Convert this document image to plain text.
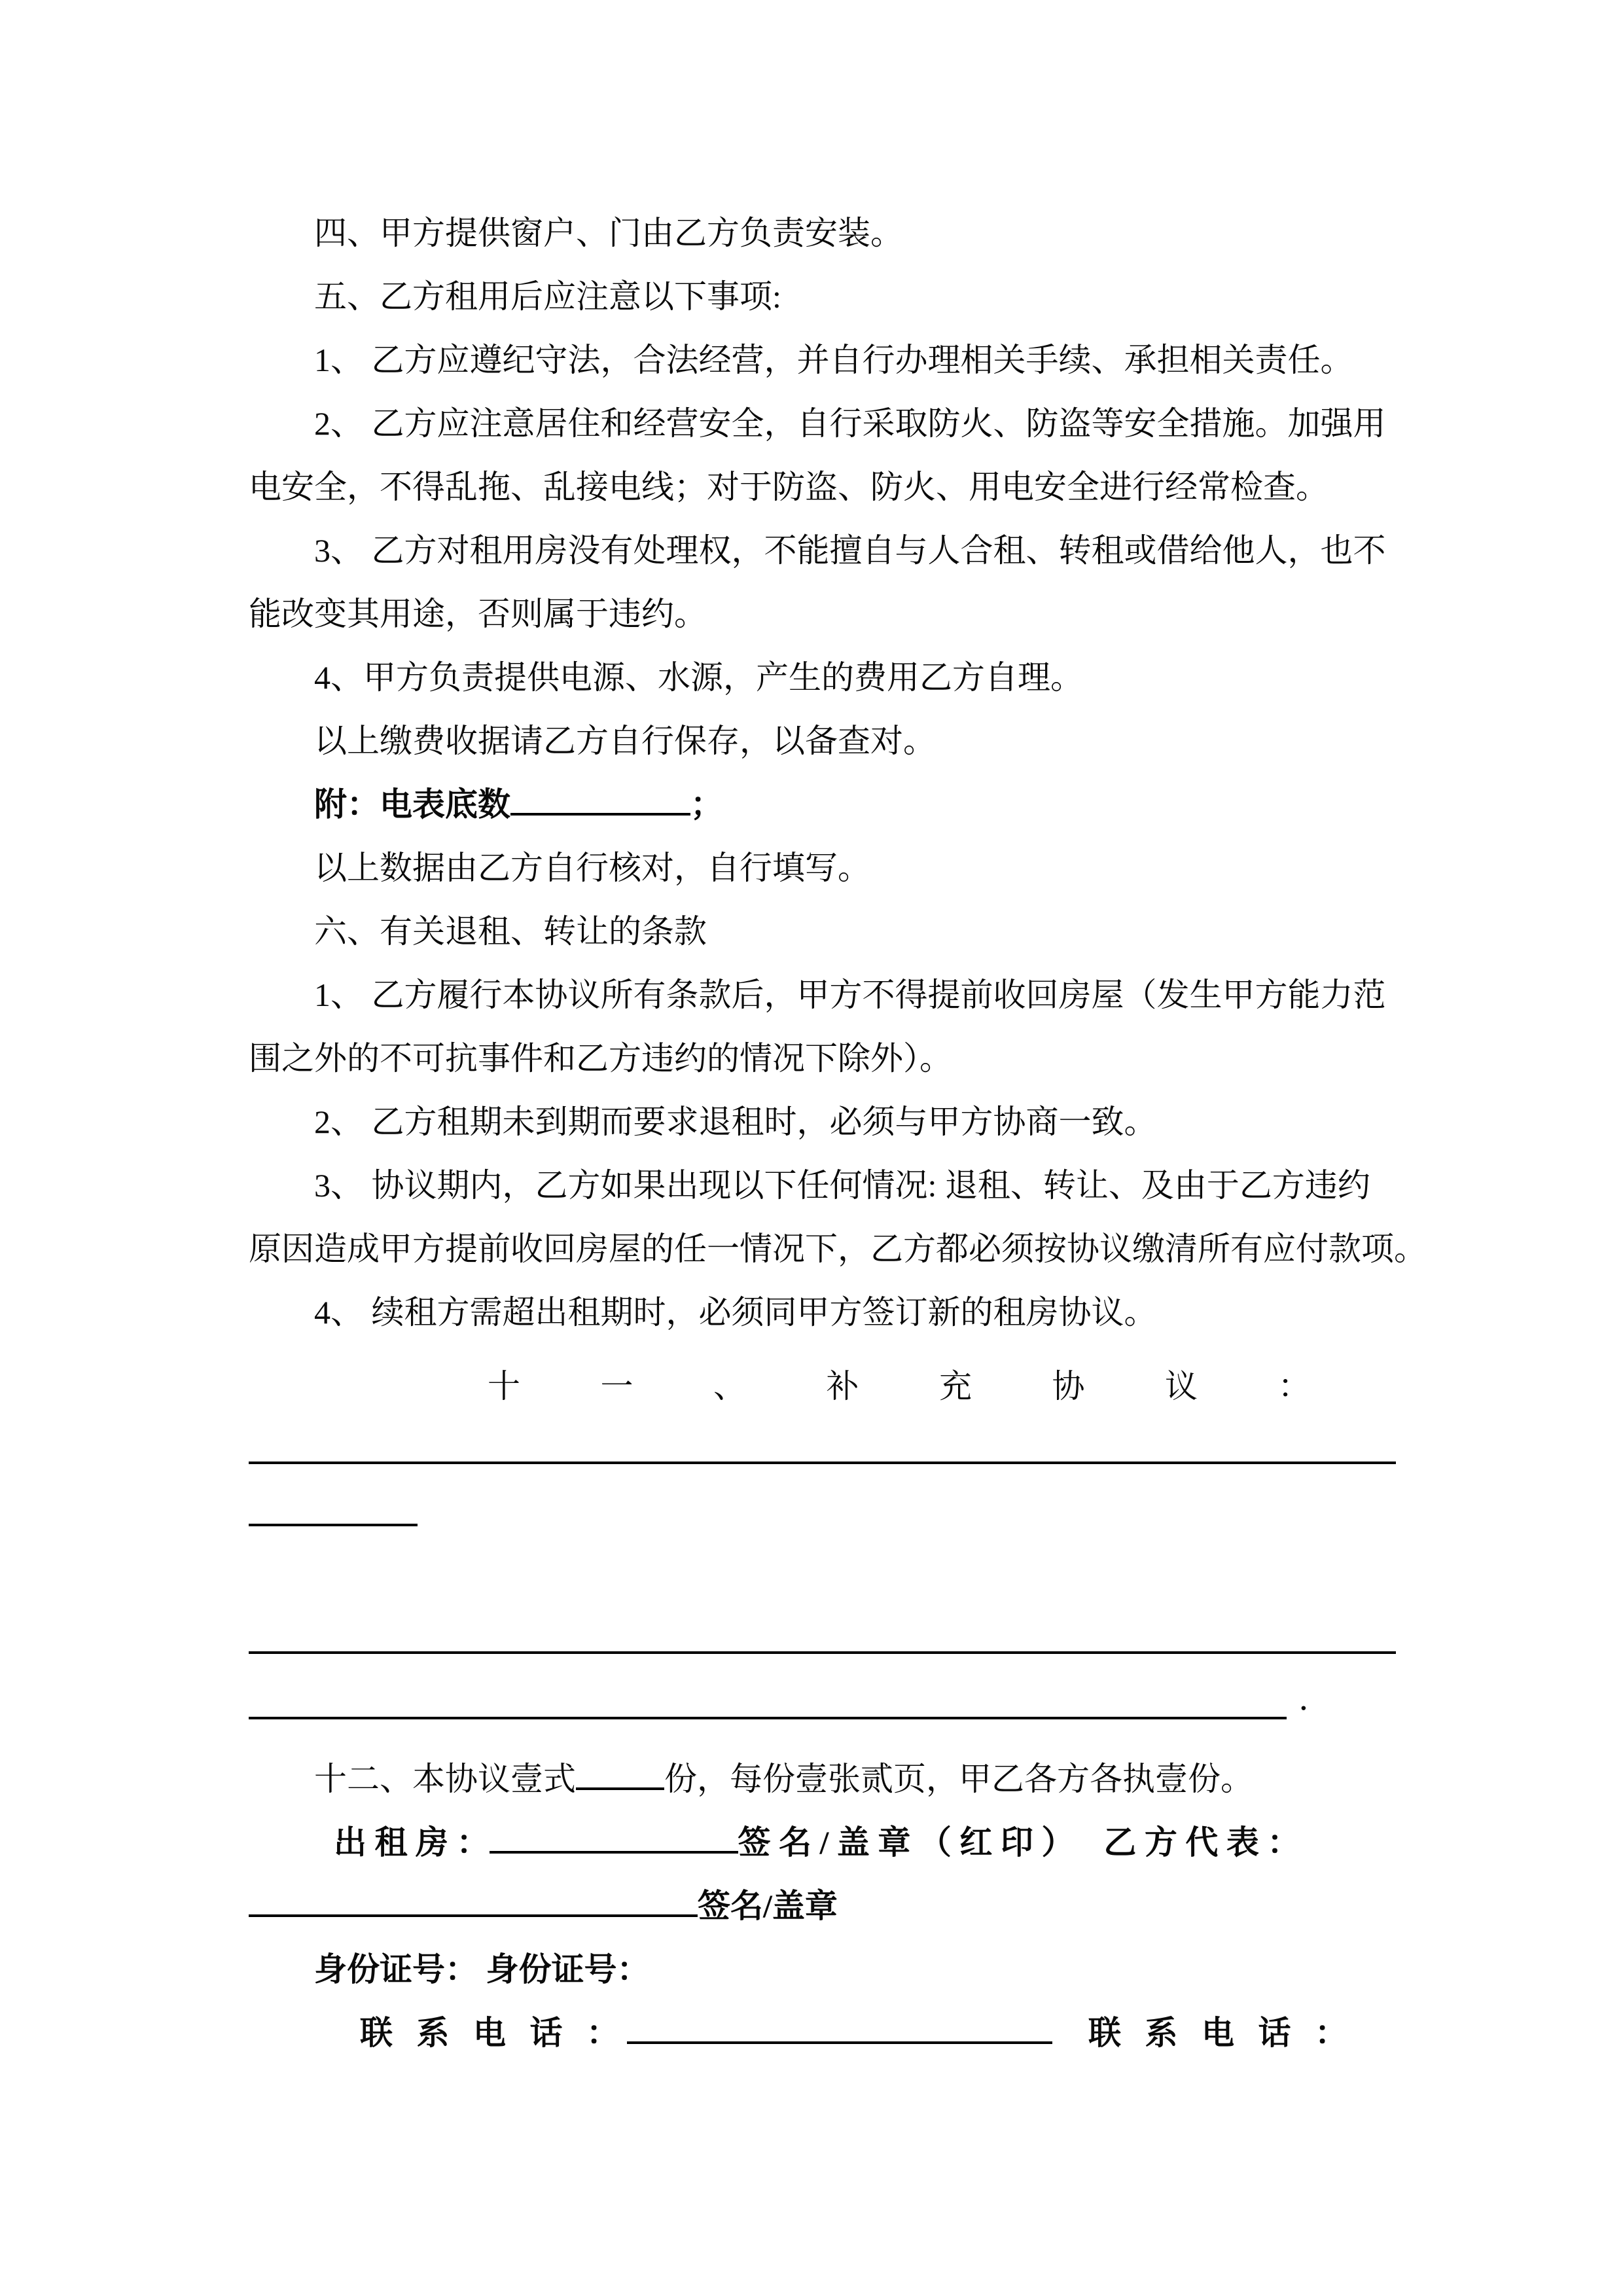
四、甲方提供窗户、门由乙方负责安装。
五、乙方租用后应注意以下事项:
1、 乙方应遵纪守法，合法经营，并自行办理相关手续、承担相关责任。
2、 乙方应注意居住和经营安全，自行采取防火、防盗等安全措施。加强用
电安全，不得乱拖、乱接电线；对于防盗、防火、用电安全进行经常检查。
3、 乙方对租用房没有处理权，不能擅自与人合租、转租或借给他人，也不
能改变其用途，否则属于违约。
4、甲方负责提供电源、水源，产生的费用乙方自理。
以上缴费收据请乙方自行保存，以备查对。
附：电表底数	；
以上数据由乙方自行核对，自行填写。
六、有关退租、转让的条款
1、 乙方履行本协议所有条款后，甲方不得提前收回房屋（发生甲方能力范
围之外的不可抗事件和乙方违约的情况下除外）。
2、 乙方租期未到期而要求退租时，必须与甲方协商一致。
3、 协议期内，乙方如果出现以下任何情况: 退租、转让、及由于乙方违约
原因造成甲方提前收回房屋的任一情况下，乙方都必须按协议缴清所有应付款项。
4、 续租方需超出租期时，必须同甲方签订新的租房协议。
十 一 、 补 充 协 议 ：
.
十二、本协议壹式	份，每份壹张贰页，甲乙各方各执壹份。
出 租 房 ：	签 名 / 盖 章 （ 红 印 ） 乙 方 代 表 ：
签名/盖章
身份证号： 身份证号：
联 系 电 话 ：	联 系 电 话 ：
